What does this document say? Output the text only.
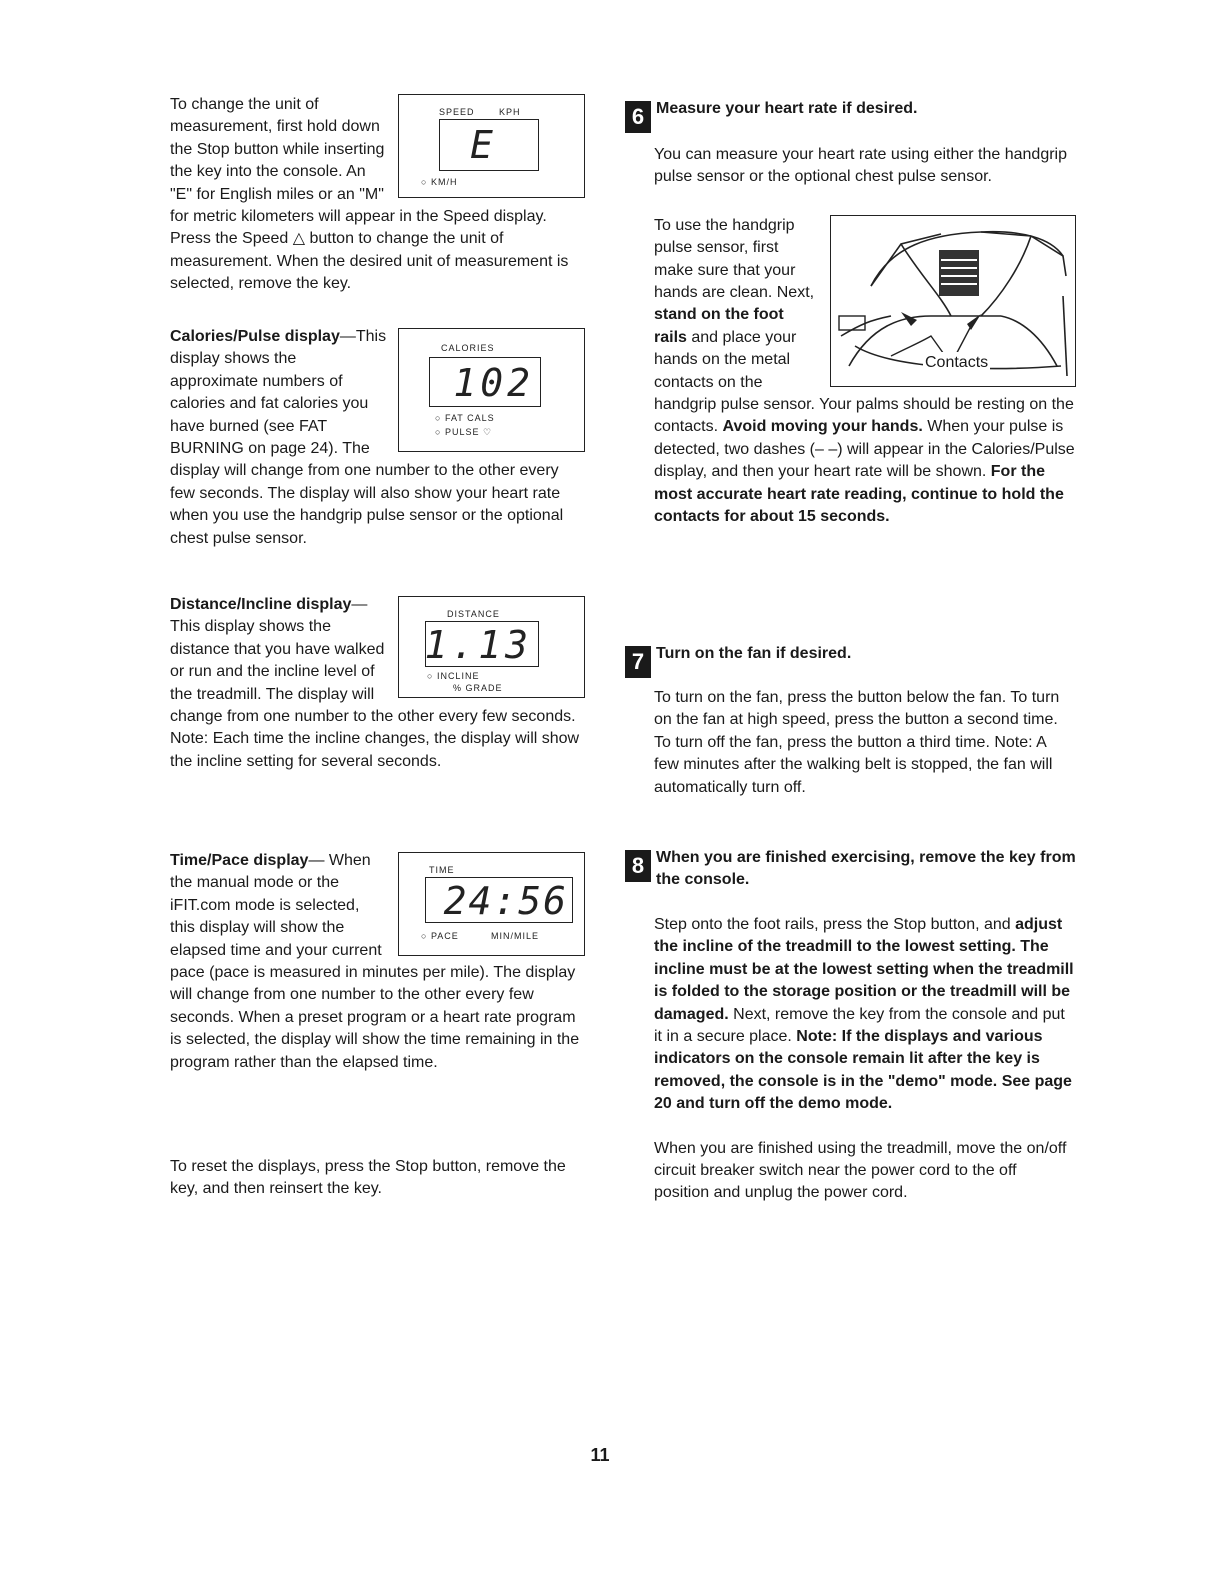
SPEED	KPH
E
○ KM/H

To change the unit of measurement, first hold down the Stop button while inserting the key into the console. An "E" for English miles or an "M" for metric kilometers will appear in the Speed display. Press the Speed △ button to change the unit of measurement. When the desired unit of measurement is selected, remove the key.

CALORIES
102
○ FAT CALS
○ PULSE ♡

Calories/Pulse display—This display shows the approximate numbers of calories and fat calories you have burned (see FAT BURNING on page 24). The display will change from one number to the other every few seconds. The display will also show your heart rate when you use the handgrip pulse sensor or the optional chest pulse sensor.

DISTANCE
1.13
○ INCLINE
% GRADE

Distance/Incline display—This display shows the distance that you have walked or run and the incline level of the treadmill. The display will change from one number to the other every few seconds. Note: Each time the incline changes, the display will show the incline setting for several seconds.

TIME
24:56
○ PACE	MIN/MILE

Time/Pace display— When the manual mode or the iFIT.com mode is selected, this display will show the elapsed time and your current pace (pace is measured in minutes per mile). The display will change from one number to the other every few seconds. When a preset program or a heart rate program is selected, the display will show the time remaining in the program rather than the elapsed time.

To reset the displays, press the Stop button, remove the key, and then reinsert the key.

6 Measure your heart rate if desired.

You can measure your heart rate using either the handgrip pulse sensor or the optional chest pulse sensor.

Contacts

To use the handgrip pulse sensor, first make sure that your hands are clean. Next, stand on the foot rails and place your hands on the metal contacts on the handgrip pulse sensor. Your palms should be resting on the contacts. Avoid moving your hands. When your pulse is detected, two dashes (– –) will appear in the Calories/Pulse display, and then your heart rate will be shown. For the most accurate heart rate reading, continue to hold the contacts for about 15 seconds.

7 Turn on the fan if desired.

To turn on the fan, press the button below the fan. To turn on the fan at high speed, press the button a second time. To turn off the fan, press the button a third time. Note: A few minutes after the walking belt is stopped, the fan will automatically turn off.

8 When you are finished exercising, remove the key from the console.

Step onto the foot rails, press the Stop button, and adjust the incline of the treadmill to the lowest setting. The incline must be at the lowest setting when the treadmill is folded to the storage position or the treadmill will be damaged. Next, remove the key from the console and put it in a secure place. Note: If the displays and various indicators on the console remain lit after the key is removed, the console is in the "demo" mode. See page 20 and turn off the demo mode.

When you are finished using the treadmill, move the on/off circuit breaker switch near the power cord to the off position and unplug the power cord.

11
